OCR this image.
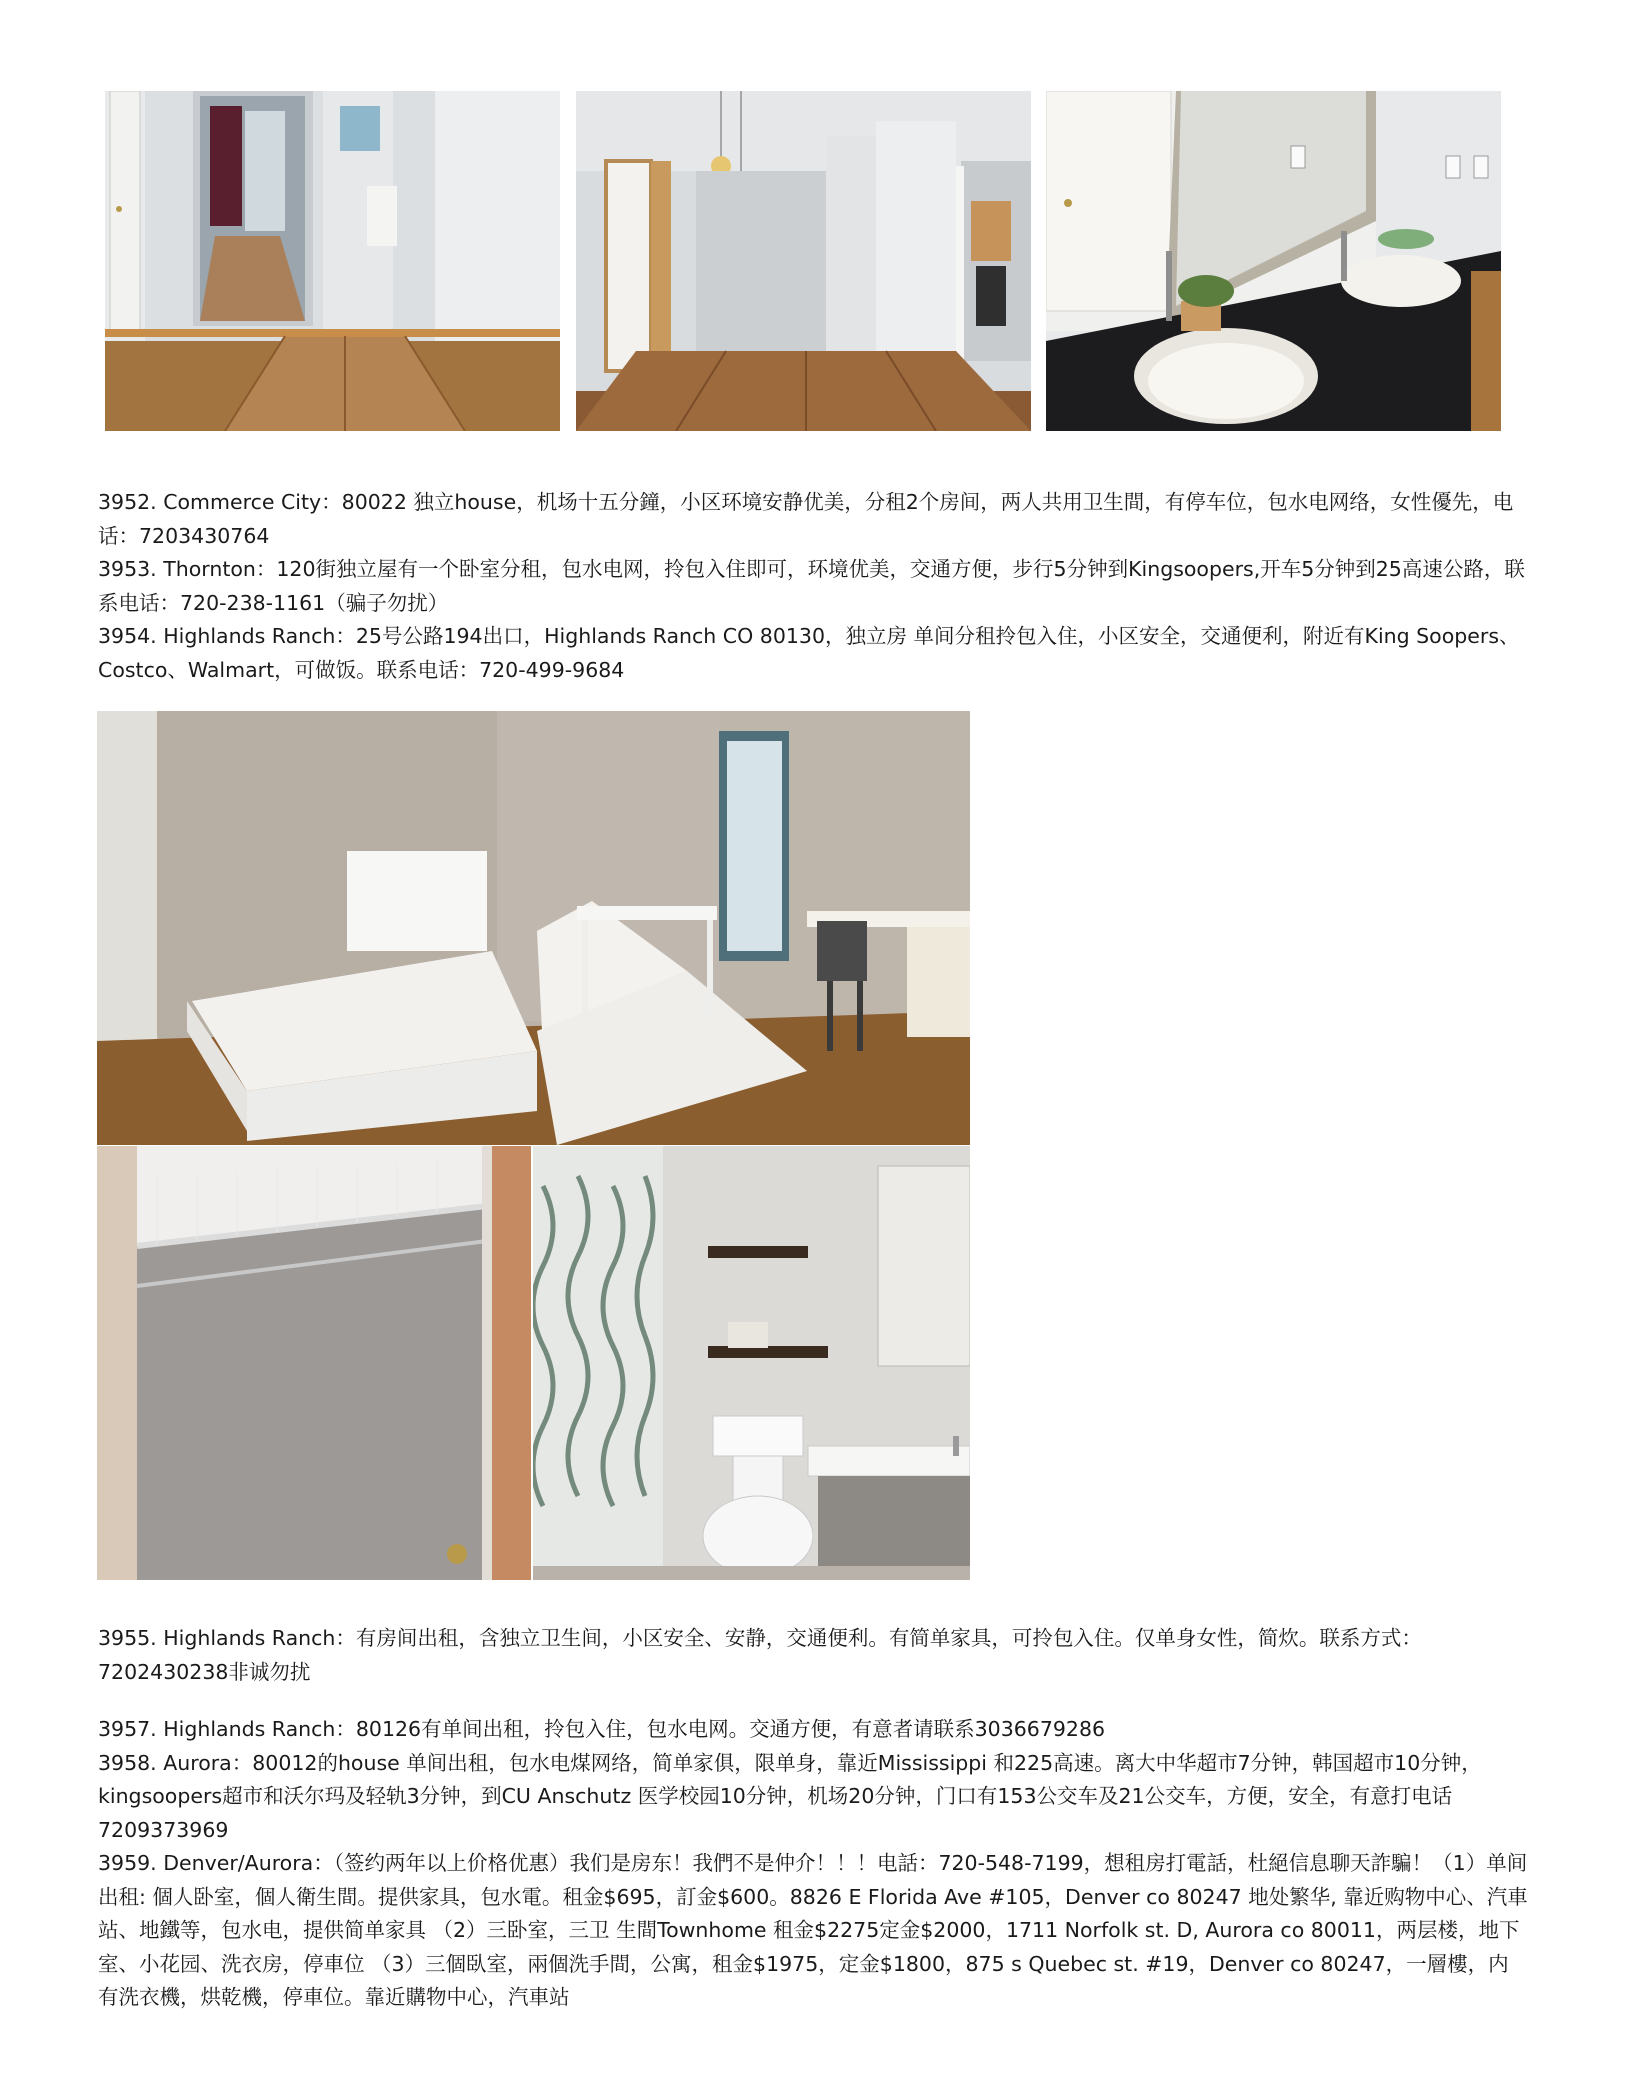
3952. Commerce City：80022 独立house，机场十五分鐘，小区环境安静优美，分租2个房间，两人共用卫生間，有停车位，包水电网络，女性優先，电话：7203430764

3953. Thornton：120街独立屋有一个卧室分租，包水电网，拎包入住即可，环境优美，交通方便，步行5分钟到Kingsoopers,开车5分钟到25高速公路，联系电话：720-238-1161（骗子勿扰）

3954. Highlands Ranch：25号公路194出口，Highlands Ranch CO 80130，独立房 单间分租拎包入住，小区安全，交通便利，附近有King Soopers、Costco、Walmart，可做饭。联系电话：720-499-9684

3955. Highlands Ranch：有房间出租，含独立卫生间，小区安全、安静，交通便利。有简单家具，可拎包入住。仅单身女性，简炊。联系方式：7202430238非诚勿扰

3957. Highlands Ranch：80126有单间出租，拎包入住，包水电网。交通方便，有意者请联系3036679286

3958. Aurora：80012的house 单间出租，包水电煤网络，简单家俱，限单身，靠近Mississippi 和225高速。离大中华超市7分钟，韩国超市10分钟，kingsoopers超市和沃尔玛及轻轨3分钟，到CU Anschutz 医学校园10分钟，机场20分钟，门口有153公交车及21公交车，方便，安全，有意打电话7209373969

3959. Denver/Aurora：（签约两年以上价格优惠）我们是房东！我們不是仲介！！！电話：720-548-7199，想租房打電話，杜絕信息聊天詐騙！（1）单间出租: 個人卧室，個人衛生間。提供家具，包水電。租金$695，訂金$600。8826 E Florida Ave #105，Denver co 80247 地处繁华, 靠近购物中心、汽車站、地鐵等，包水电，提供简单家具 （2）三卧室，三卫 生間Townhome 租金$2275定金$2000，1711 Norfolk st. D, Aurora co 80011，两层楼，地下室、小花园、洗衣房，停車位 （3）三個臥室，兩個洗手間，公寓，租金$1975，定金$1800，875 s Quebec st. #19，Denver co 80247，一層樓，内有洗衣機，烘乾機，停車位。靠近購物中心，汽車站
